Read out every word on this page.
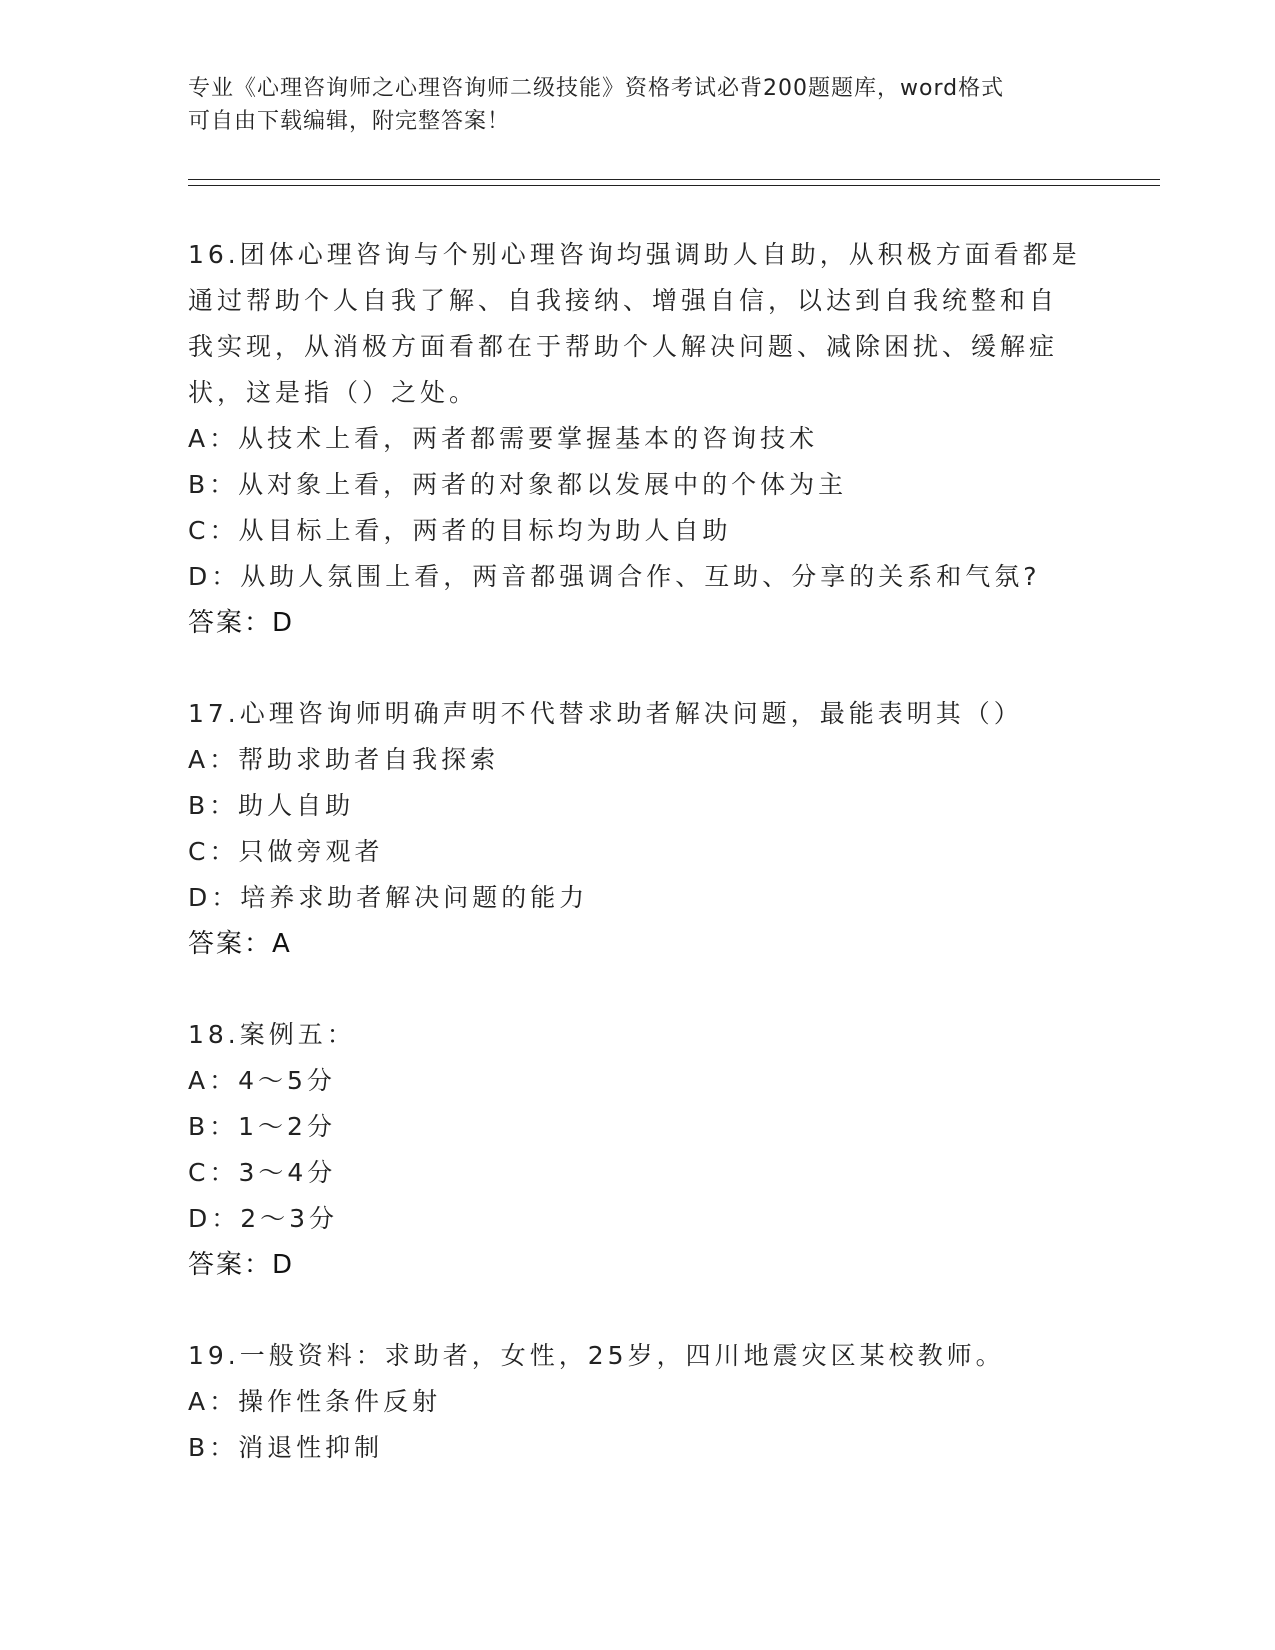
专业《心理咨询师之心理咨询师二级技能》资格考试必背200题题库，word格式
可自由下载编辑，附完整答案！
16.团体心理咨询与个别心理咨询均强调助人自助，从积极方面看都是
通过帮助个人自我了解、自我接纳、增强自信，以达到自我统整和自
我实现，从消极方面看都在于帮助个人解决问题、减除困扰、缓解症
状，这是指（）之处。
A：从技术上看，两者都需要掌握基本的咨询技术
B：从对象上看，两者的对象都以发展中的个体为主
C：从目标上看，两者的目标均为助人自助
D：从助人氛围上看，两音都强调合作、互助、分享的关系和气氛?
答案：D
17.心理咨询师明确声明不代替求助者解决问题，最能表明其（）
A：帮助求助者自我探索
B：助人自助
C：只做旁观者
D：培养求助者解决问题的能力
答案：A
18.案例五：
A：4～5分
B：1～2分
C：3～4分
D：2～3分
答案：D
19.一般资料：求助者，女性，25岁，四川地震灾区某校教师。
A：操作性条件反射
B：消退性抑制
